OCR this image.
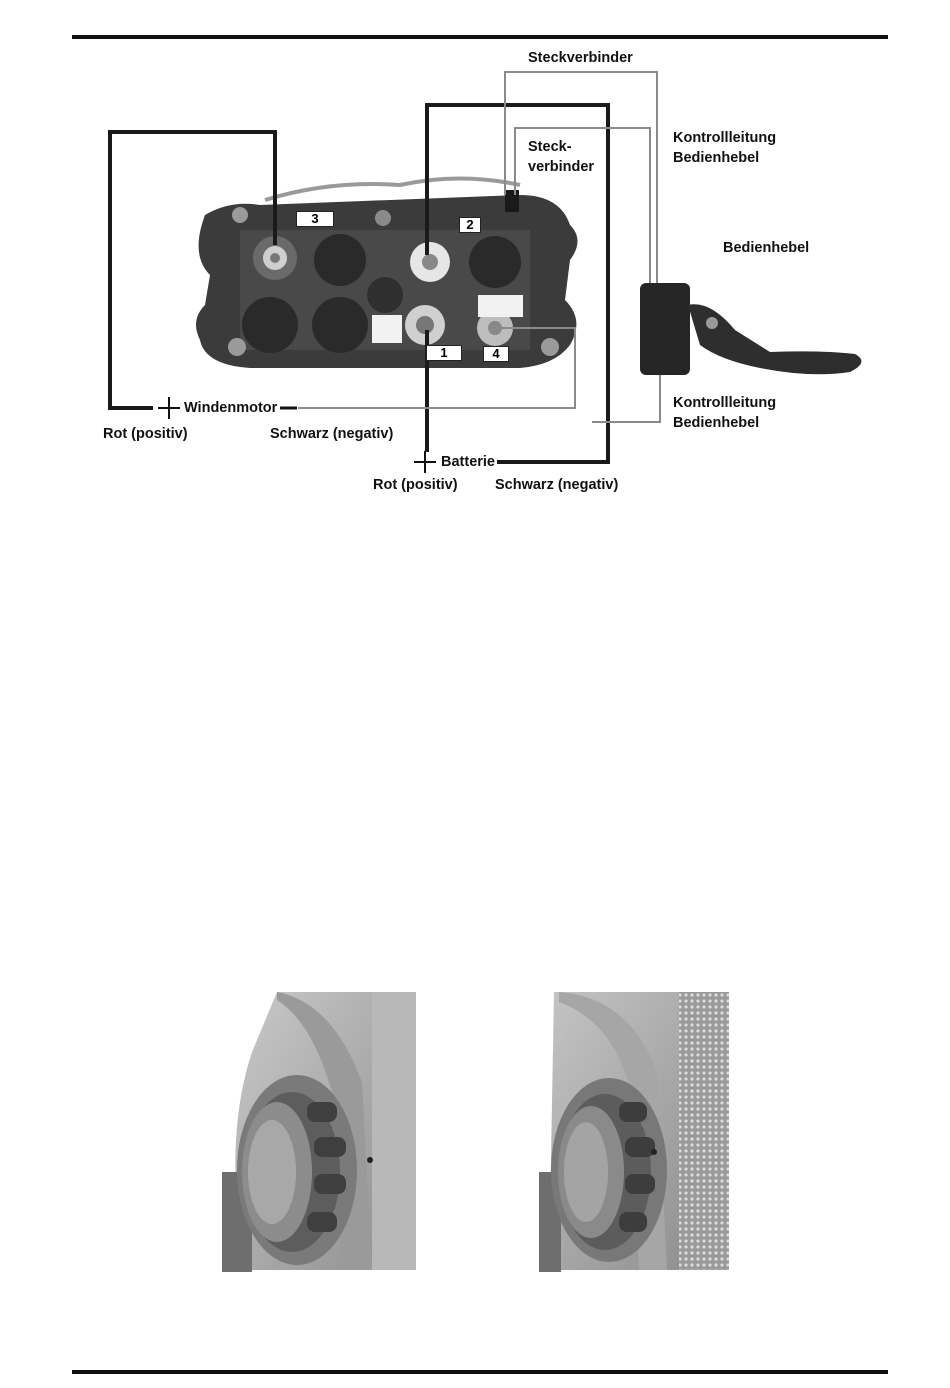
3	2
1	4
Steckverbinder
Steck-
verbinder
Kontrollleitung
Bedienhebel
Bedienhebel
Kontrollleitung
Bedienhebel
Windenmotor
Rot (positiv)	Schwarz (negativ)
Batterie
Rot (positiv)	Schwarz (negativ)
